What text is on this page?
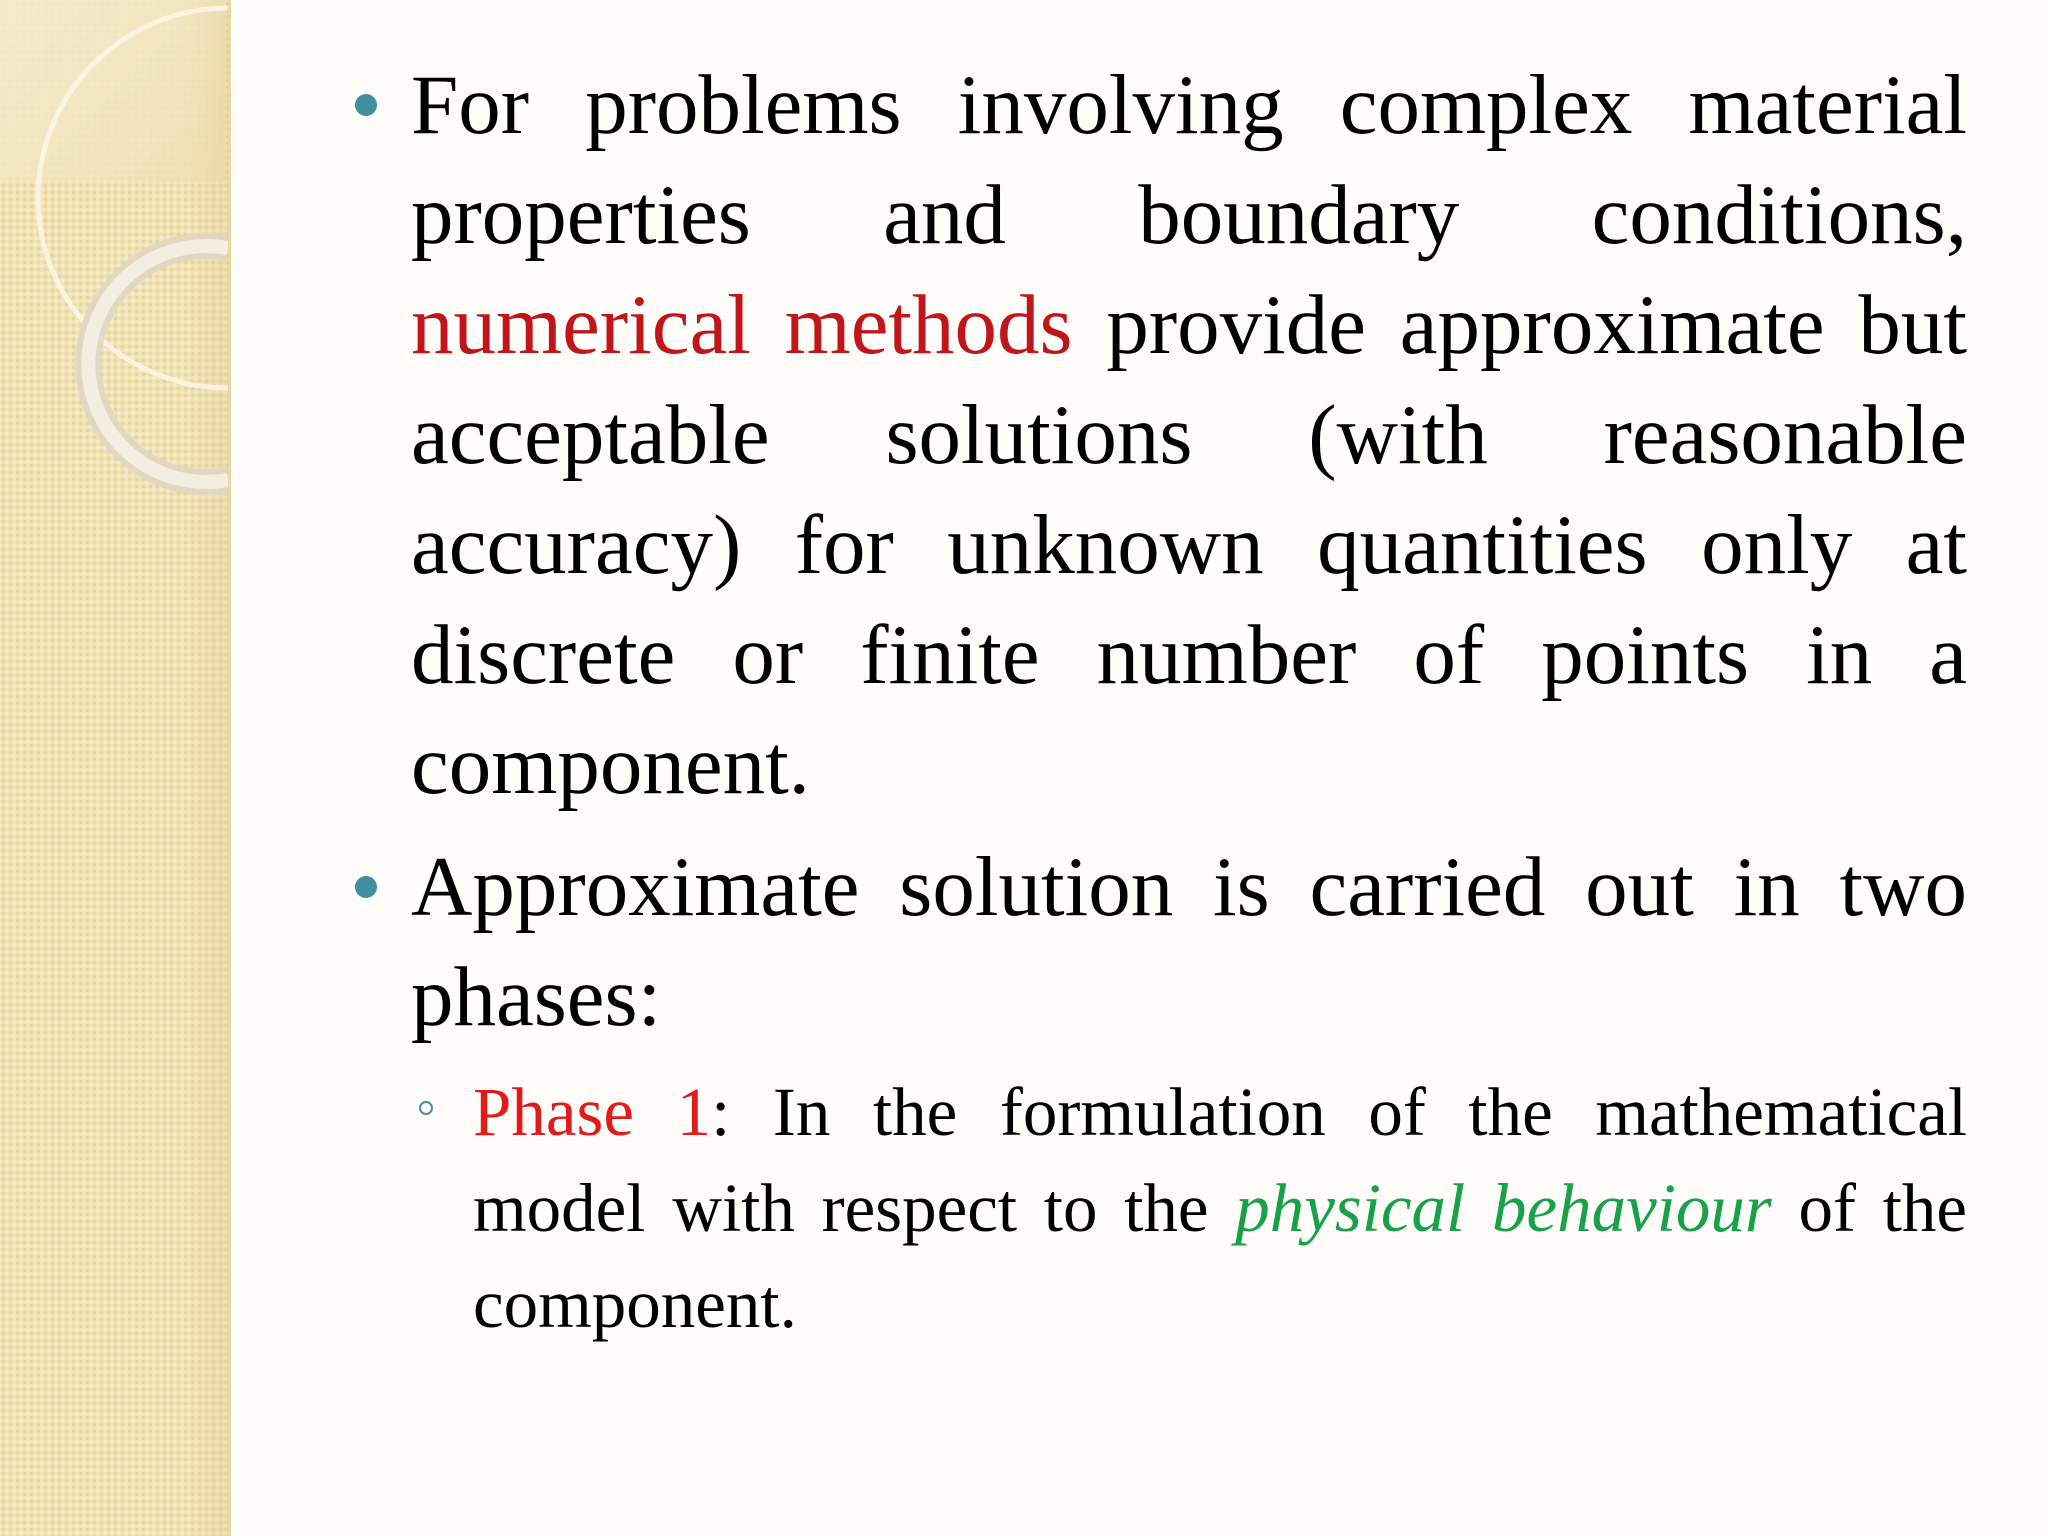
For problems involving complex material properties and boundary conditions, numerical methods provide approximate but acceptable solutions (with reasonable accuracy) for unknown quantities only at discrete or finite number of points in a component.

Approximate solution is carried out in two phases:

Phase 1: In the formulation of the mathematical model with respect to the physical behaviour of the component.
